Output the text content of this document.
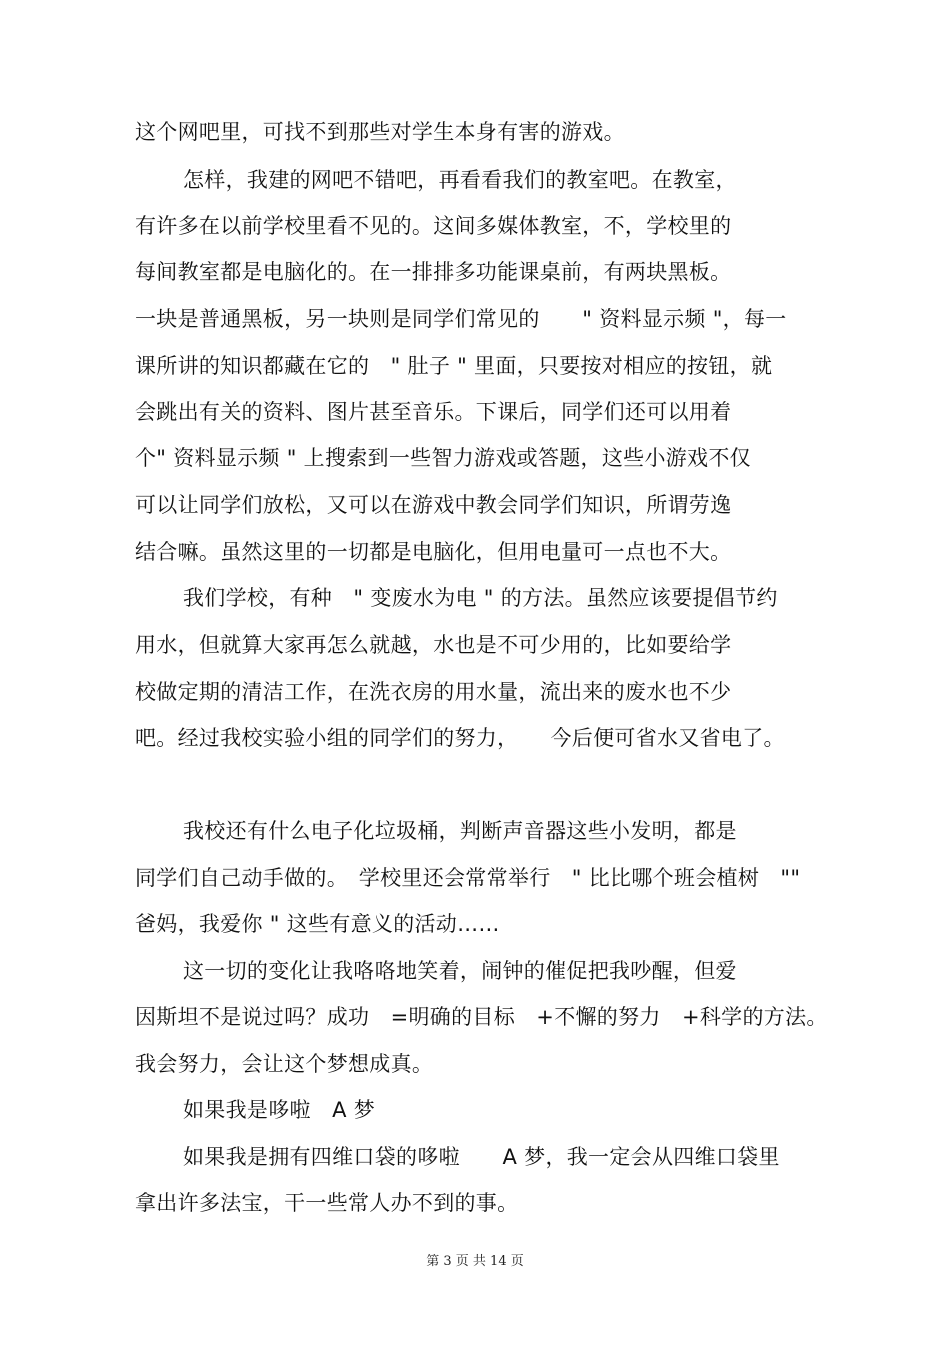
这个网吧里，可找不到那些对学生本身有害的游戏。
怎样，我建的网吧不错吧，再看看我们的教室吧。在教室，
有许多在以前学校里看不见的。这间多媒体教室，不，学校里的
每间教室都是电脑化的。在一排排多功能课桌前，有两块黑板。
一块是普通黑板，另一块则是同学们常见的　　" 资料显示频 "，每一
课所讲的知识都藏在它的　" 肚子 " 里面，只要按对相应的按钮，就
会跳出有关的资料、图片甚至音乐。下课后，同学们还可以用着
个" 资料显示频 " 上搜索到一些智力游戏或答题，这些小游戏不仅
可以让同学们放松，又可以在游戏中教会同学们知识，所谓劳逸
结合嘛。虽然这里的一切都是电脑化，但用电量可一点也不大。
我们学校，有种　" 变废水为电 " 的方法。虽然应该要提倡节约
用水，但就算大家再怎么就越，水也是不可少用的，比如要给学
校做定期的清洁工作，在洗衣房的用水量，流出来的废水也不少
吧。经过我校实验小组的同学们的努力，　　今后便可省水又省电了。
我校还有什么电子化垃圾桶，判断声音器这些小发明，都是
同学们自己动手做的。　学校里还会常常举行　" 比比哪个班会植树　""
爸妈，我爱你 " 这些有意义的活动……
这一切的变化让我咯咯地笑着，闹钟的催促把我吵醒，但爱
因斯坦不是说过吗？成功　=明确的目标　+不懈的努力　+科学的方法。
我会努力，会让这个梦想成真。
如果我是哆啦　A 梦
如果我是拥有四维口袋的哆啦　　A 梦，我一定会从四维口袋里
拿出许多法宝，干一些常人办不到的事。
第 3 页 共 14 页
